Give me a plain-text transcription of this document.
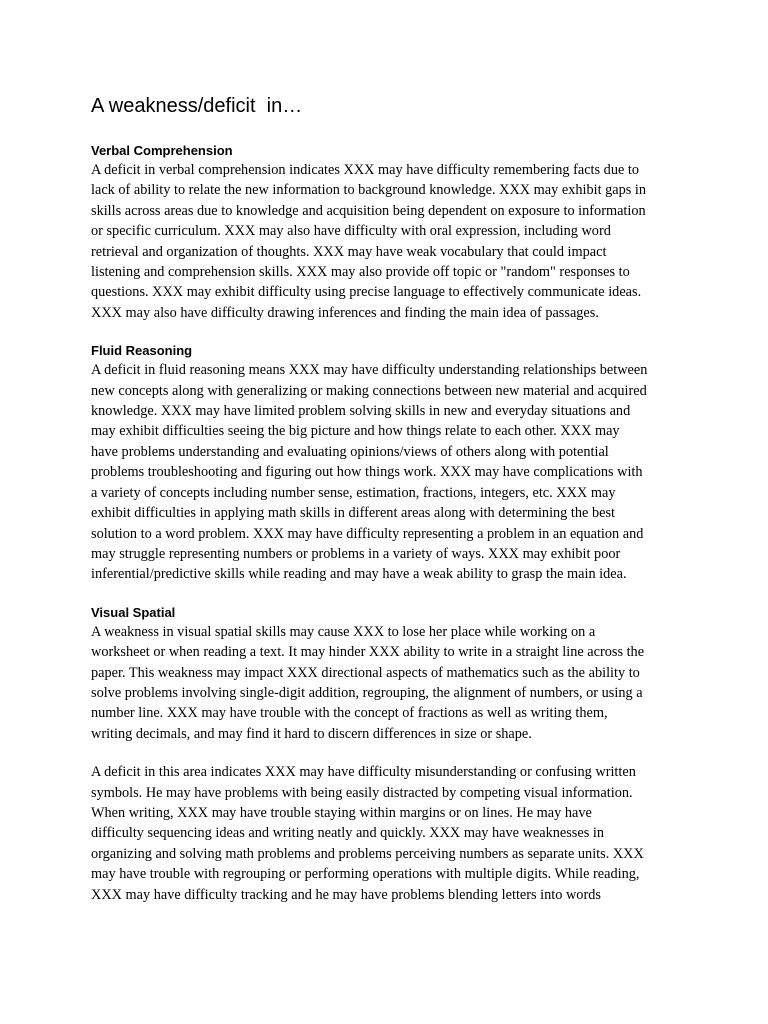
A weakness/deficit  in…
Verbal Comprehension

A deficit in verbal comprehension indicates XXX may have difficulty remembering facts due to
lack of ability to relate the new information to background knowledge. XXX may exhibit gaps in
skills across areas due to knowledge and acquisition being dependent on exposure to information
or specific curriculum. XXX may also have difficulty with oral expression, including word
retrieval and organization of thoughts. XXX may have weak vocabulary that could impact
listening and comprehension skills. XXX may also provide off topic or "random" responses to
questions. XXX may exhibit difficulty using precise language to effectively communicate ideas.
XXX may also have difficulty drawing inferences and finding the main idea of passages.

Fluid Reasoning

A deficit in fluid reasoning means XXX may have difficulty understanding relationships between
new concepts along with generalizing or making connections between new material and acquired
knowledge. XXX may have limited problem solving skills in new and everyday situations and
may exhibit difficulties seeing the big picture and how things relate to each other. XXX may
have problems understanding and evaluating opinions/views of others along with potential
problems troubleshooting and figuring out how things work. XXX may have complications with
a variety of concepts including number sense, estimation, fractions, integers, etc. XXX may
exhibit difficulties in applying math skills in different areas along with determining the best
solution to a word problem. XXX may have difficulty representing a problem in an equation and
may struggle representing numbers or problems in a variety of ways. XXX may exhibit poor
inferential/predictive skills while reading and may have a weak ability to grasp the main idea.

Visual Spatial

A weakness in visual spatial skills may cause XXX to lose her place while working on a
worksheet or when reading a text. It may hinder XXX ability to write in a straight line across the
paper. This weakness may impact XXX directional aspects of mathematics such as the ability to
solve problems involving single-digit addition, regrouping, the alignment of numbers, or using a
number line. XXX may have trouble with the concept of fractions as well as writing them,
writing decimals, and may find it hard to discern differences in size or shape.

A deficit in this area indicates XXX may have difficulty misunderstanding or confusing written
symbols. He may have problems with being easily distracted by competing visual information.
When writing, XXX may have trouble staying within margins or on lines. He may have
difficulty sequencing ideas and writing neatly and quickly. XXX may have weaknesses in
organizing and solving math problems and problems perceiving numbers as separate units. XXX
may have trouble with regrouping or performing operations with multiple digits. While reading,
XXX may have difficulty tracking and he may have problems blending letters into words
